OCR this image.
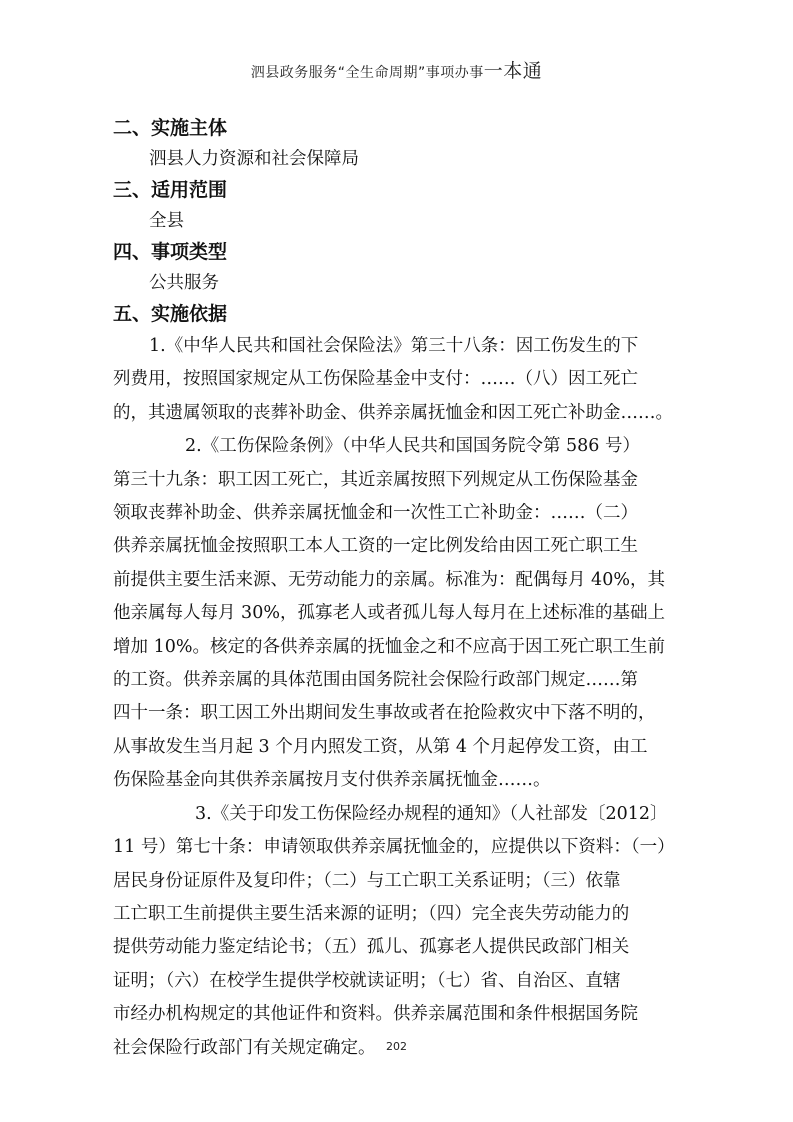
泗县政务服务“全生命周期”事项办事一本通
二、实施主体
泗县人力资源和社会保障局
三、适用范围
全县
四、事项类型
公共服务
五、实施依据
1.《中华人民共和国社会保险法》第三十八条：因工伤发生的下
列费用，按照国家规定从工伤保险基金中支付：……（八）因工死亡
的，其遗属领取的丧葬补助金、供养亲属抚恤金和因工死亡补助金……。
2.《工伤保险条例》（中华人民共和国国务院令第 586 号）
第三十九条：职工因工死亡，其近亲属按照下列规定从工伤保险基金
领取丧葬补助金、供养亲属抚恤金和一次性工亡补助金：……（二）
供养亲属抚恤金按照职工本人工资的一定比例发给由因工死亡职工生
前提供主要生活来源、无劳动能力的亲属。标准为：配偶每月 40%，其
他亲属每人每月 30%，孤寡老人或者孤儿每人每月在上述标准的基础上
增加 10%。核定的各供养亲属的抚恤金之和不应高于因工死亡职工生前
的工资。供养亲属的具体范围由国务院社会保险行政部门规定……第
四十一条：职工因工外出期间发生事故或者在抢险救灾中下落不明的，
从事故发生当月起 3 个月内照发工资，从第 4 个月起停发工资，由工
伤保险基金向其供养亲属按月支付供养亲属抚恤金……。
3.《关于印发工伤保险经办规程的通知》（人社部发〔2012〕
11 号）第七十条：申请领取供养亲属抚恤金的，应提供以下资料：（一）
居民身份证原件及复印件；（二）与工亡职工关系证明；（三）依靠
工亡职工生前提供主要生活来源的证明；（四）完全丧失劳动能力的
提供劳动能力鉴定结论书；（五）孤儿、孤寡老人提供民政部门相关
证明；（六）在校学生提供学校就读证明；（七）省、自治区、直辖
市经办机构规定的其他证件和资料。供养亲属范围和条件根据国务院
社会保险行政部门有关规定确定。 202
